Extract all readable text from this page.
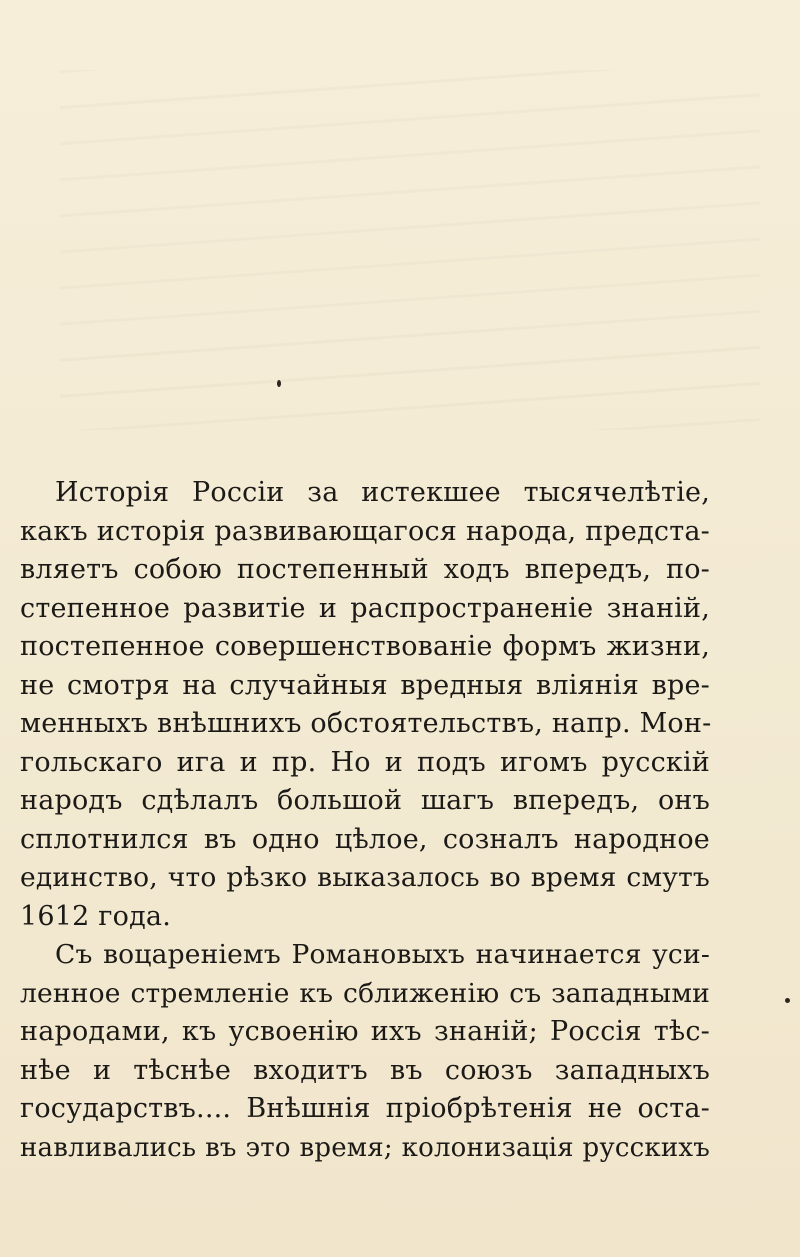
Исторія Россіи за истекшее тысячелѣтіе,
какъ исторія развивающагося народа, предста-
вляетъ собою постепенный ходъ впередъ, по-
степенное развитіе и распространеніе знаній,
постепенное совершенствованіе формъ жизни,
не смотря на случайныя вредныя вліянія вре-
менныхъ внѣшнихъ обстоятельствъ, напр. Мон-
гольскаго ига и пр. Но и подъ игомъ русскій
народъ сдѣлалъ большой шагъ впередъ, онъ
сплотнился въ одно цѣлое, сознaлъ народное
единство, что рѣзко выказалось во время смутъ
1612 года.
Съ воцареніемъ Романовыхъ начинается уси-
ленное стремленіе къ сближенію съ западными
народами, къ усвоенію ихъ знаній; Россія тѣс-
нѣе и тѣснѣе входитъ въ союзъ западныхъ
государствъ.... Внѣшнія пріобрѣтенія не оста-
навливались въ это время; колонизація русскихъ
